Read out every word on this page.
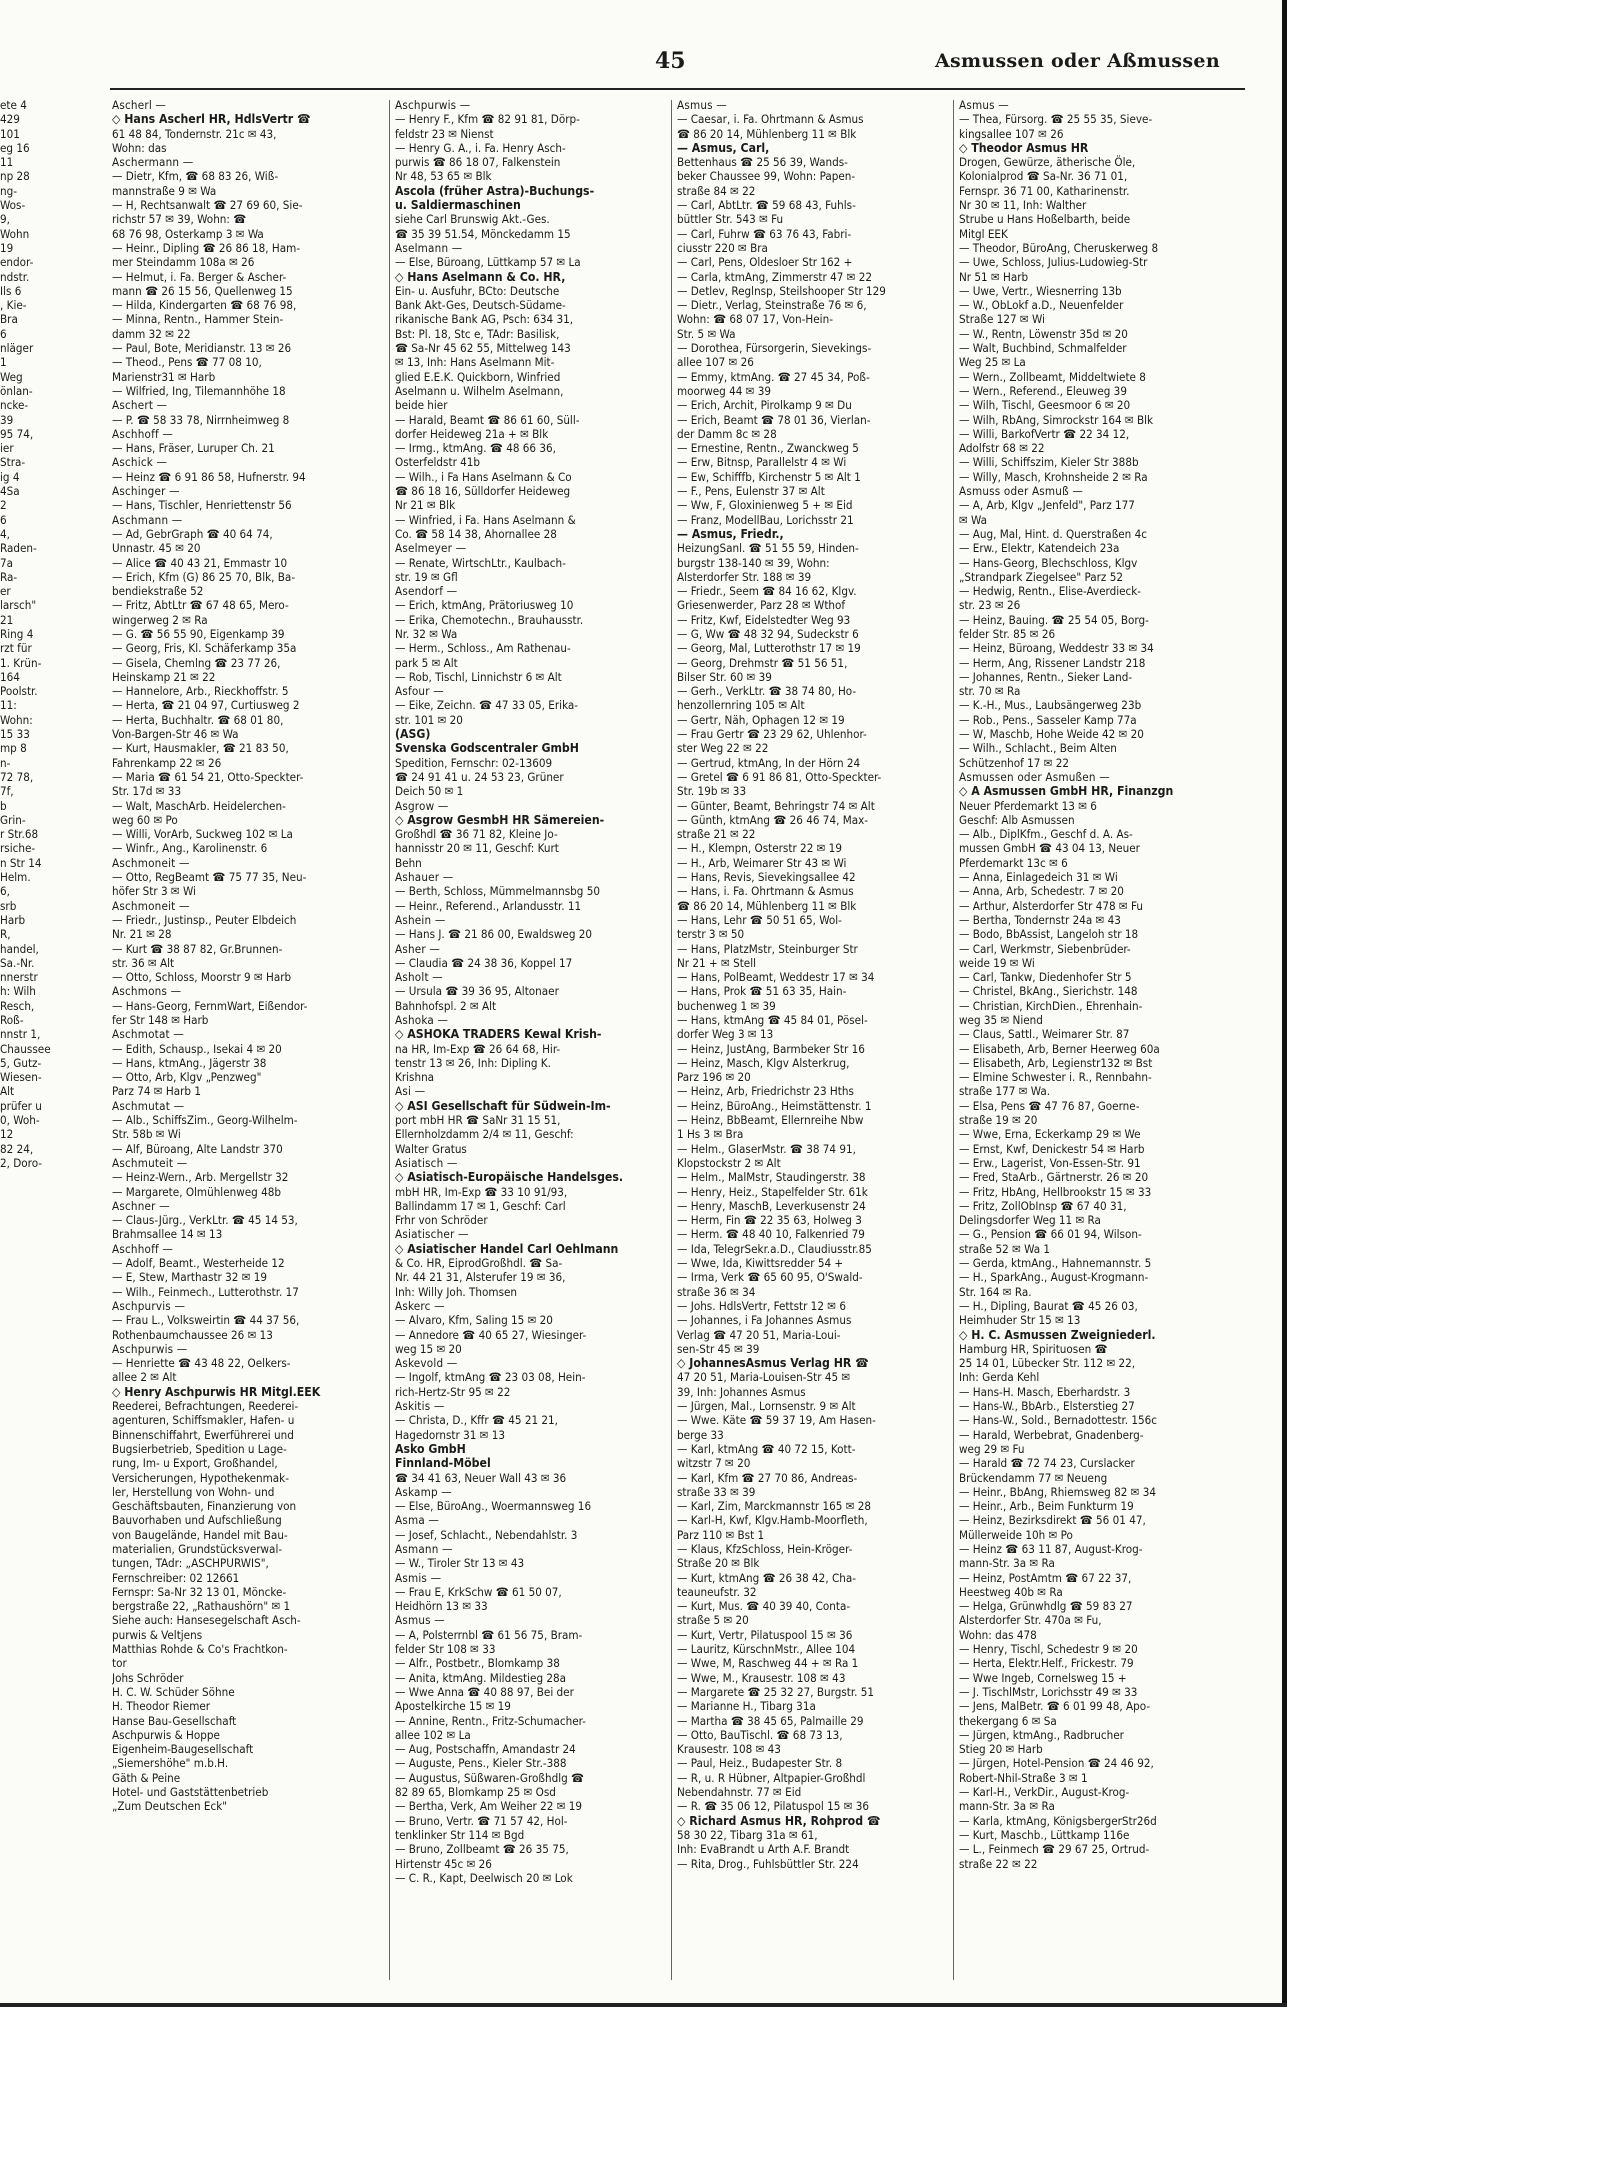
45	Asmussen oder Aßmussen
ete 4
429
101
eg 16
11
np 28
ng-
Wos-
9,
Wohn
19
endor-
ndstr.
Ils 6
, Kie-
Bra
6
nläger
1
Weg
önlan-
ncke-
39
95 74,
ier
Stra-
ig 4
4Sa
2
6
4,
Raden-
7a
Ra-
er
larsch"
21
Ring 4
rzt für
1. Krün-
164
Poolstr.
11:
Wohn:
15 33
mp 8
n-
72 78,
7f,
b
Grin-
r Str.68
rsiche-
n Str 14
Helm.
6,
srb
Harb
R,
handel,
Sa.-Nr.
nnerstr
h: Wilh
Resch,
Roß-
nnstr 1,
Chaussee
5, Gutz-
Wiesen-
Alt
prüfer u
0, Woh-
12
82 24,
2, Doro-
Ascherl —
◇ Hans Ascherl HR, HdlsVertr ☎
61 48 84, Tondernstr. 21c ✉ 43,
Wohn: das
Aschermann —
— Dietr, Kfm, ☎ 68 83 26, Wiß-
mannstraße 9 ✉ Wa
— H, Rechtsanwalt ☎ 27 69 60, Sie-
richstr 57 ✉ 39, Wohn: ☎
68 76 98, Osterkamp 3 ✉ Wa
— Heinr., Dipling ☎ 26 86 18, Ham-
mer Steindamm 108a ✉ 26
— Helmut, i. Fa. Berger & Ascher-
mann ☎ 26 15 56, Quellenweg 15
— Hilda, Kindergarten ☎ 68 76 98,
— Minna, Rentn., Hammer Stein-
damm 32 ✉ 22
— Paul, Bote, Meridianstr. 13 ✉ 26
— Theod., Pens ☎ 77 08 10,
Marienstr31 ✉ Harb
— Wilfried, Ing, Tilemannhöhe 18
Aschert —
— P. ☎ 58 33 78, Nirrnheimweg 8
Aschhoff —
— Hans, Fräser, Luruper Ch. 21
Aschick —
— Heinz ☎ 6 91 86 58, Hufnerstr. 94
Aschinger —
— Hans, Tischler, Henriettenstr 56
Aschmann —
— Ad, GebrGraph ☎ 40 64 74,
Unnastr. 45 ✉ 20
— Alice ☎ 40 43 21, Emmastr 10
— Erich, Kfm (G) 86 25 70, Blk, Ba-
bendiekstraße 52
— Fritz, AbtLtr ☎ 67 48 65, Mero-
wingerweg 2 ✉ Ra
— G. ☎ 56 55 90, Eigenkamp 39
— Georg, Fris, Kl. Schäferkamp 35a
— Gisela, Chemlng ☎ 23 77 26,
Heinskamp 21 ✉ 22
— Hannelore, Arb., Rieckhoffstr. 5
— Herta, ☎ 21 04 97, Curtiusweg 2
— Herta, Buchhaltr. ☎ 68 01 80,
Von-Bargen-Str 46 ✉ Wa
— Kurt, Hausmakler, ☎ 21 83 50,
Fahrenkamp 22 ✉ 26
— Maria ☎ 61 54 21, Otto-Speckter-
Str. 17d ✉ 33
— Walt, MaschArb. Heidelerchen-
weg 60 ✉ Po
— Willi, VorArb, Suckweg 102 ✉ La
— Winfr., Ang., Karolinenstr. 6
Aschmoneit —
— Otto, RegBeamt ☎ 75 77 35, Neu-
höfer Str 3 ✉ Wi
Aschmoneit —
— Friedr., Justinsp., Peuter Elbdeich
Nr. 21 ✉ 28
— Kurt ☎ 38 87 82, Gr.Brunnen-
str. 36 ✉ Alt
— Otto, Schloss, Moorstr 9 ✉ Harb
Aschmons —
— Hans-Georg, FernmWart, Eißendor-
fer Str 148 ✉ Harb
Aschmotat —
— Edith, Schausp., Isekai 4 ✉ 20
— Hans, ktmAng., Jägerstr 38
— Otto, Arb, Klgv „Penzweg"
Parz 74 ✉ Harb 1
Aschmutat —
— Alb., SchiffsZim., Georg-Wilhelm-
Str. 58b ✉ Wi
— Alf, Büroang, Alte Landstr 370
Aschmuteit —
— Heinz-Wern., Arb. Mergellstr 32
— Margarete, Olmühlenweg 48b
Aschner —
— Claus-Jürg., VerkLtr. ☎ 45 14 53,
Brahmsallee 14 ✉ 13
Aschhoff —
— Adolf, Beamt., Westerheide 12
— E, Stew, Marthastr 32 ✉ 19
— Wilh., Feinmech., Lutterothstr. 17
Aschpurvis —
— Frau L., Volksweirtin ☎ 44 37 56,
Rothenbaumchaussee 26 ✉ 13
Aschpurwis —
— Henriette ☎ 43 48 22, Oelkers-
allee 2 ✉ Alt
◇ Henry Aschpurwis HR Mitgl.EEK
Reederei, Befrachtungen, Reederei-
agenturen, Schiffsmakler, Hafen- u
Binnenschiffahrt, Ewerführerei und
Bugsierbetrieb, Spedition u Lage-
rung, Im- u Export, Großhandel,
Versicherungen, Hypothekenmak-
ler, Herstellung von Wohn- und
Geschäftsbauten, Finanzierung von
Bauvorhaben und Aufschließung
von Baugelände, Handel mit Bau-
materialien, Grundstücksverwal-
tungen, TAdr: „ASCHPURWIS",
Fernschreiber: 02 12661
Fernspr: Sa-Nr 32 13 01, Möncke-
bergstraße 22, „Rathaushörn" ✉ 1
Siehe auch: Hansesegelschaft Asch-
purwis & Veltjens
Matthias Rohde & Co's Frachtkon-
tor
Johs Schröder
H. C. W. Schüder Söhne
H. Theodor Riemer
Hanse Bau-Gesellschaft
Aschpurwis & Hoppe
Eigenheim-Baugesellschaft
„Siemershöhe" m.b.H.
Gäth & Peine
Hotel- und Gaststättenbetrieb
„Zum Deutschen Eck"
Aschpurwis —
— Henry F., Kfm ☎ 82 91 81, Dörp-
feldstr 23 ✉ Nienst
— Henry G. A., i. Fa. Henry Asch-
purwis ☎ 86 18 07, Falkenstein
Nr 48, 53 65 ✉ Blk
Ascola (früher Astra)-Buchungs-
u. Saldiermaschinen
siehe Carl Brunswig Akt.-Ges.
☎ 35 39 51.54, Mönckedamm 15
Aselmann —
— Else, Büroang, Lüttkamp 57 ✉ La
◇ Hans Aselmann & Co. HR,
Ein- u. Ausfuhr, BCto: Deutsche
Bank Akt-Ges, Deutsch-Südame-
rikanische Bank AG, Psch: 634 31,
Bst: Pl. 18, Stc e, TAdr: Basilisk,
☎ Sa-Nr 45 62 55, Mittelweg 143
✉ 13, Inh: Hans Aselmann Mit-
glied E.E.K. Quickborn, Winfried
Aselmann u. Wilhelm Aselmann,
beide hier
— Harald, Beamt ☎ 86 61 60, Süll-
dorfer Heideweg 21a + ✉ Blk
— Irmg., ktmAng. ☎ 48 66 36,
Osterfeldstr 41b
— Wilh., i Fa Hans Aselmann & Co
☎ 86 18 16, Sülldorfer Heideweg
Nr 21 ✉ Blk
— Winfried, i Fa. Hans Aselmann &
Co. ☎ 58 14 38, Ahornallee 28
Aselmeyer —
— Renate, WirtschLtr., Kaulbach-
str. 19 ✉ Gfl
Asendorf —
— Erich, ktmAng, Prätoriusweg 10
— Erika, Chemotechn., Brauhausstr.
Nr. 32 ✉ Wa
— Herm., Schloss., Am Rathenau-
park 5 ✉ Alt
— Rob, Tischl, Linnichstr 6 ✉ Alt
Asfour —
— Eike, Zeichn. ☎ 47 33 05, Erika-
str. 101 ✉ 20
(ASG)
Svenska Godscentraler GmbH
Spedition, Fernschr: 02-13609
☎ 24 91 41 u. 24 53 23, Grüner
Deich 50 ✉ 1
Asgrow —
◇ Asgrow GesmbH HR Sämereien-
Großhdl ☎ 36 71 82, Kleine Jo-
hannisstr 20 ✉ 11, Geschf: Kurt
Behn
Ashauer —
— Berth, Schloss, Mümmelmannsbg 50
— Heinr., Referend., Arlandusstr. 11
Ashein —
— Hans J. ☎ 21 86 00, Ewaldsweg 20
Asher —
— Claudia ☎ 24 38 36, Koppel 17
Asholt —
— Ursula ☎ 39 36 95, Altonaer
Bahnhofspl. 2 ✉ Alt
Ashoka —
◇ ASHOKA TRADERS Kewal Krish-
na HR, Im-Exp ☎ 26 64 68, Hir-
tenstr 13 ✉ 26, Inh: Dipling K.
Krishna
Asi —
◇ ASI Gesellschaft für Südwein-Im-
port mbH HR ☎ SaNr 31 15 51,
Ellernholzdamm 2/4 ✉ 11, Geschf:
Walter Gratus
Asiatisch —
◇ Asiatisch-Europäische Handelsges.
mbH HR, Im-Exp ☎ 33 10 91/93,
Ballindamm 17 ✉ 1, Geschf: Carl
Frhr von Schröder
Asiatischer —
◇ Asiatischer Handel Carl Oehlmann
& Co. HR, EiprodGroßhdl. ☎ Sa-
Nr. 44 21 31, Alsterufer 19 ✉ 36,
Inh: Willy Joh. Thomsen
Askerc —
— Alvaro, Kfm, Saling 15 ✉ 20
— Annedore ☎ 40 65 27, Wiesinger-
weg 15 ✉ 20
Askevold —
— Ingolf, ktmAng ☎ 23 03 08, Hein-
rich-Hertz-Str 95 ✉ 22
Askitis —
— Christa, D., Kffr ☎ 45 21 21,
Hagedornstr 31 ✉ 13
Asko GmbH
Finnland-Möbel
☎ 34 41 63, Neuer Wall 43 ✉ 36
Askamp —
— Else, BüroAng., Woermannsweg 16
Asma —
— Josef, Schlacht., Nebendahlstr. 3
Asmann —
— W., Tiroler Str 13 ✉ 43
Asmis —
— Frau E, KrkSchw ☎ 61 50 07,
Heidhörn 13 ✉ 33
Asmus —
— A, Polsterrnbl ☎ 61 56 75, Bram-
felder Str 108 ✉ 33
— Alfr., Postbetr., Blomkamp 38
— Anita, ktmAng. Mildestieg 28a
— Wwe Anna ☎ 40 88 97, Bei der
Apostelkirche 15 ✉ 19
— Annine, Rentn., Fritz-Schumacher-
allee 102 ✉ La
— Aug, Postschaffn, Amandastr 24
— Auguste, Pens., Kieler Str.-388
— Augustus, Süßwaren-Großhdlg ☎
82 89 65, Blomkamp 25 ✉ Osd
— Bertha, Verk, Am Weiher 22 ✉ 19
— Bruno, Vertr. ☎ 71 57 42, Hol-
tenklinker Str 114 ✉ Bgd
— Bruno, Zollbeamt ☎ 26 35 75,
Hirtenstr 45c ✉ 26
— C. R., Kapt, Deelwisch 20 ✉ Lok
Asmus —
— Caesar, i. Fa. Ohrtmann & Asmus
☎ 86 20 14, Mühlenberg 11 ✉ Blk
— Asmus, Carl,
Bettenhaus ☎ 25 56 39, Wands-
beker Chaussee 99, Wohn: Papen-
straße 84 ✉ 22
— Carl, AbtLtr. ☎ 59 68 43, Fuhls-
büttler Str. 543 ✉ Fu
— Carl, Fuhrw ☎ 63 76 43, Fabri-
ciusstr 220 ✉ Bra
— Carl, Pens, Oldesloer Str 162 +
— Carla, ktmAng, Zimmerstr 47 ✉ 22
— Detlev, Reglnsp, Steilshooper Str 129
— Dietr., Verlag, Steinstraße 76 ✉ 6,
Wohn: ☎ 68 07 17, Von-Hein-
Str. 5 ✉ Wa
— Dorothea, Fürsorgerin, Sievekings-
allee 107 ✉ 26
— Emmy, ktmAng. ☎ 27 45 34, Poß-
moorweg 44 ✉ 39
— Erich, Archit, Pirolkamp 9 ✉ Du
— Erich, Beamt ☎ 78 01 36, Vierlan-
der Damm 8c ✉ 28
— Ernestine, Rentn., Zwanckweg 5
— Erw, Bitnsp, Parallelstr 4 ✉ Wi
— Ew, Schifffb, Kirchenstr 5 ✉ Alt 1
— F., Pens, Eulenstr 37 ✉ Alt
— Ww, F, Gloxinienweg 5 + ✉ Eid
— Franz, ModellBau, Lorichsstr 21
— Asmus, Friedr.,
HeizungSanl. ☎ 51 55 59, Hinden-
burgstr 138-140 ✉ 39, Wohn:
Alsterdorfer Str. 188 ✉ 39
— Friedr., Seem ☎ 84 16 62, Klgv.
Griesenwerder, Parz 28 ✉ Wthof
— Fritz, Kwf, Eidelstedter Weg 93
— G, Ww ☎ 48 32 94, Sudeckstr 6
— Georg, Mal, Lutterothstr 17 ✉ 19
— Georg, Drehmstr ☎ 51 56 51,
Bilser Str. 60 ✉ 39
— Gerh., VerkLtr. ☎ 38 74 80, Ho-
henzollernring 105 ✉ Alt
— Gertr, Näh, Ophagen 12 ✉ 19
— Frau Gertr ☎ 23 29 62, Uhlenhor-
ster Weg 22 ✉ 22
— Gertrud, ktmAng, In der Hörn 24
— Gretel ☎ 6 91 86 81, Otto-Speckter-
Str. 19b ✉ 33
— Günter, Beamt, Behringstr 74 ✉ Alt
— Günth, ktmAng ☎ 26 46 74, Max-
straße 21 ✉ 22
— H., Klempn, Osterstr 22 ✉ 19
— H., Arb, Weimarer Str 43 ✉ Wi
— Hans, Revis, Sievekingsallee 42
— Hans, i. Fa. Ohrtmann & Asmus
☎ 86 20 14, Mühlenberg 11 ✉ Blk
— Hans, Lehr ☎ 50 51 65, Wol-
terstr 3 ✉ 50
— Hans, PlatzMstr, Steinburger Str
Nr 21 + ✉ Stell
— Hans, PolBeamt, Weddestr 17 ✉ 34
— Hans, Prok ☎ 51 63 35, Hain-
buchenweg 1 ✉ 39
— Hans, ktmAng ☎ 45 84 01, Pösel-
dorfer Weg 3 ✉ 13
— Heinz, JustAng, Barmbeker Str 16
— Heinz, Masch, Klgv Alsterkrug,
Parz 196 ✉ 20
— Heinz, Arb, Friedrichstr 23 Hths
— Heinz, BüroAng., Heimstättenstr. 1
— Heinz, BbBeamt, Ellernreihe Nbw
1 Hs 3 ✉ Bra
— Helm., GlaserMstr. ☎ 38 74 91,
Klopstockstr 2 ✉ Alt
— Helm., MalMstr, Staudingerstr. 38
— Henry, Heiz., Stapelfelder Str. 61k
— Henry, MaschB, Leverkusenstr 24
— Herm, Fin ☎ 22 35 63, Holweg 3
— Herm. ☎ 48 40 10, Falkenried 79
— Ida, TelegrSekr.a.D., Claudiusstr.85
— Wwe, Ida, Kiwittsredder 54 +
— Irma, Verk ☎ 65 60 95, O'Swald-
straße 36 ✉ 34
— Johs. HdlsVertr, Fettstr 12 ✉ 6
— Johannes, i Fa Johannes Asmus
Verlag ☎ 47 20 51, Maria-Loui-
sen-Str 45 ✉ 39
◇ JohannesAsmus Verlag HR ☎
47 20 51, Maria-Louisen-Str 45 ✉
39, Inh: Johannes Asmus
— Jürgen, Mal., Lornsenstr. 9 ✉ Alt
— Wwe. Käte ☎ 59 37 19, Am Hasen-
berge 33
— Karl, ktmAng ☎ 40 72 15, Kott-
witzstr 7 ✉ 20
— Karl, Kfm ☎ 27 70 86, Andreas-
straße 33 ✉ 39
— Karl, Zim, Marckmannstr 165 ✉ 28
— Karl-H, Kwf, Klgv.Hamb-Moorfleth,
Parz 110 ✉ Bst 1
— Klaus, KfzSchloss, Hein-Kröger-
Straße 20 ✉ Blk
— Kurt, ktmAng ☎ 26 38 42, Cha-
teauneufstr. 32
— Kurt, Mus. ☎ 40 39 40, Conta-
straße 5 ✉ 20
— Kurt, Vertr, Pilatuspool 15 ✉ 36
— Lauritz, KürschnMstr., Allee 104
— Wwe, M, Raschweg 44 + ✉ Ra 1
— Wwe, M., Krausestr. 108 ✉ 43
— Margarete ☎ 25 32 27, Burgstr. 51
— Marianne H., Tibarg 31a
— Martha ☎ 38 45 65, Palmaille 29
— Otto, BauTischl. ☎ 68 73 13,
Krausestr. 108 ✉ 43
— Paul, Heiz., Budapester Str. 8
— R, u. R Hübner, Altpapier-Großhdl
Nebendahnstr. 77 ✉ Eid
— R. ☎ 35 06 12, Pilatuspol 15 ✉ 36
◇ Richard Asmus HR, Rohprod ☎
58 30 22, Tibarg 31a ✉ 61,
Inh: EvaBrandt u Arth A.F. Brandt
— Rita, Drog., Fuhlsbüttler Str. 224
Asmus —
— Thea, Fürsorg. ☎ 25 55 35, Sieve-
kingsallee 107 ✉ 26
◇ Theodor Asmus HR
Drogen, Gewürze, ätherische Öle,
Kolonialprod ☎ Sa-Nr. 36 71 01,
Fernspr. 36 71 00, Katharinenstr.
Nr 30 ✉ 11, Inh: Walther
Strube u Hans Hoßelbarth, beide
Mitgl EEK
— Theodor, BüroAng, Cheruskerweg 8
— Uwe, Schloss, Julius-Ludowieg-Str
Nr 51 ✉ Harb
— Uwe, Vertr., Wiesnerring 13b
— W., ObLokf a.D., Neuenfelder
Straße 127 ✉ Wi
— W., Rentn, Löwenstr 35d ✉ 20
— Walt, Buchbind, Schmalfelder
Weg 25 ✉ La
— Wern., Zollbeamt, Middeltwiete 8
— Wern., Referend., Eleuweg 39
— Wilh, Tischl, Geesmoor 6 ✉ 20
— Wilh, RbAng, Simrockstr 164 ✉ Blk
— Willi, BarkofVertr ☎ 22 34 12,
Adolfstr 68 ✉ 22
— Willi, Schiffszim, Kieler Str 388b
— Willy, Masch, Krohnsheide 2 ✉ Ra
Asmuss oder Asmuß —
— A, Arb, Klgv „Jenfeld", Parz 177
✉ Wa
— Aug, Mal, Hint. d. Querstraßen 4c
— Erw., Elektr, Katendeich 23a
— Hans-Georg, Blechschloss, Klgv
„Strandpark Ziegelsee" Parz 52
— Hedwig, Rentn., Elise-Averdieck-
str. 23 ✉ 26
— Heinz, Bauing. ☎ 25 54 05, Borg-
felder Str. 85 ✉ 26
— Heinz, Büroang, Weddestr 33 ✉ 34
— Herm, Ang, Rissener Landstr 218
— Johannes, Rentn., Sieker Land-
str. 70 ✉ Ra
— K.-H., Mus., Laubsängerweg 23b
— Rob., Pens., Sasseler Kamp 77a
— W, Maschb, Hohe Weide 42 ✉ 20
— Wilh., Schlacht., Beim Alten
Schützenhof 17 ✉ 22
Asmussen oder Asmußen —
◇ A Asmussen GmbH HR, Finanzgn
Neuer Pferdemarkt 13 ✉ 6
Geschf: Alb Asmussen
— Alb., DiplKfm., Geschf d. A. As-
mussen GmbH ☎ 43 04 13, Neuer
Pferdemarkt 13c ✉ 6
— Anna, Einlagedeich 31 ✉ Wi
— Anna, Arb, Schedestr. 7 ✉ 20
— Arthur, Alsterdorfer Str 478 ✉ Fu
— Bertha, Tondernstr 24a ✉ 43
— Bodo, BbAssist, Langeloh str 18
— Carl, Werkmstr, Siebenbrüder-
weide 19 ✉ Wi
— Carl, Tankw, Diedenhofer Str 5
— Christel, BkAng., Sierichstr. 148
— Christian, KirchDien., Ehrenhain-
weg 35 ✉ Niend
— Claus, Sattl., Weimarer Str. 87
— Elisabeth, Arb, Berner Heerweg 60a
— Elisabeth, Arb, Legienstr132 ✉ Bst
— Elmine Schwester i. R., Rennbahn-
straße 177 ✉ Wa.
— Elsa, Pens ☎ 47 76 87, Goerne-
straße 19 ✉ 20
— Wwe, Erna, Eckerkamp 29 ✉ We
— Ernst, Kwf, Denickestr 54 ✉ Harb
— Erw., Lagerist, Von-Essen-Str. 91
— Fred, StaArb., Gärtnerstr. 26 ✉ 20
— Fritz, HbAng, Hellbrookstr 15 ✉ 33
— Fritz, ZollObInsp ☎ 67 40 31,
Delingsdorfer Weg 11 ✉ Ra
— G., Pension ☎ 66 01 94, Wilson-
straße 52 ✉ Wa 1
— Gerda, ktmAng., Hahnemannstr. 5
— H., SparkAng., August-Krogmann-
Str. 164 ✉ Ra.
— H., Dipling, Baurat ☎ 45 26 03,
Heimhuder Str 15 ✉ 13
◇ H. C. Asmussen Zweigniederl.
Hamburg HR, Spirituosen ☎
25 14 01, Lübecker Str. 112 ✉ 22,
Inh: Gerda Kehl
— Hans-H. Masch, Eberhardstr. 3
— Hans-W., BbArb., Elsterstieg 27
— Hans-W., Sold., Bernadottestr. 156c
— Harald, Werbebrat, Gnadenberg-
weg 29 ✉ Fu
— Harald ☎ 72 74 23, Curslacker
Brückendamm 77 ✉ Neueng
— Heinr., BbAng, Rhiemsweg 82 ✉ 34
— Heinr., Arb., Beim Funkturm 19
— Heinz, Bezirksdirekt ☎ 56 01 47,
Müllerweide 10h ✉ Po
— Heinz ☎ 63 11 87, August-Krog-
mann-Str. 3a ✉ Ra
— Heinz, PostAmtm ☎ 67 22 37,
Heestweg 40b ✉ Ra
— Helga, Grünwhdlg ☎ 59 83 27
Alsterdorfer Str. 470a ✉ Fu,
Wohn: das 478
— Henry, Tischl, Schedestr 9 ✉ 20
— Herta, Elektr.Helf., Frickestr. 79
— Wwe Ingeb, Cornelsweg 15 +
— J. TischlMstr, Lorichsstr 49 ✉ 33
— Jens, MalBetr. ☎ 6 01 99 48, Apo-
thekergang 6 ✉ Sa
— Jürgen, ktmAng., Radbrucher
Stieg 20 ✉ Harb
— Jürgen, Hotel-Pension ☎ 24 46 92,
Robert-Nhil-Straße 3 ✉ 1
— Karl-H., VerkDir., August-Krog-
mann-Str. 3a ✉ Ra
— Karla, ktmAng, KönigsbergerStr26d
— Kurt, Maschb., Lüttkamp 116e
— L., Feinmech ☎ 29 67 25, Ortrud-
straße 22 ✉ 22
